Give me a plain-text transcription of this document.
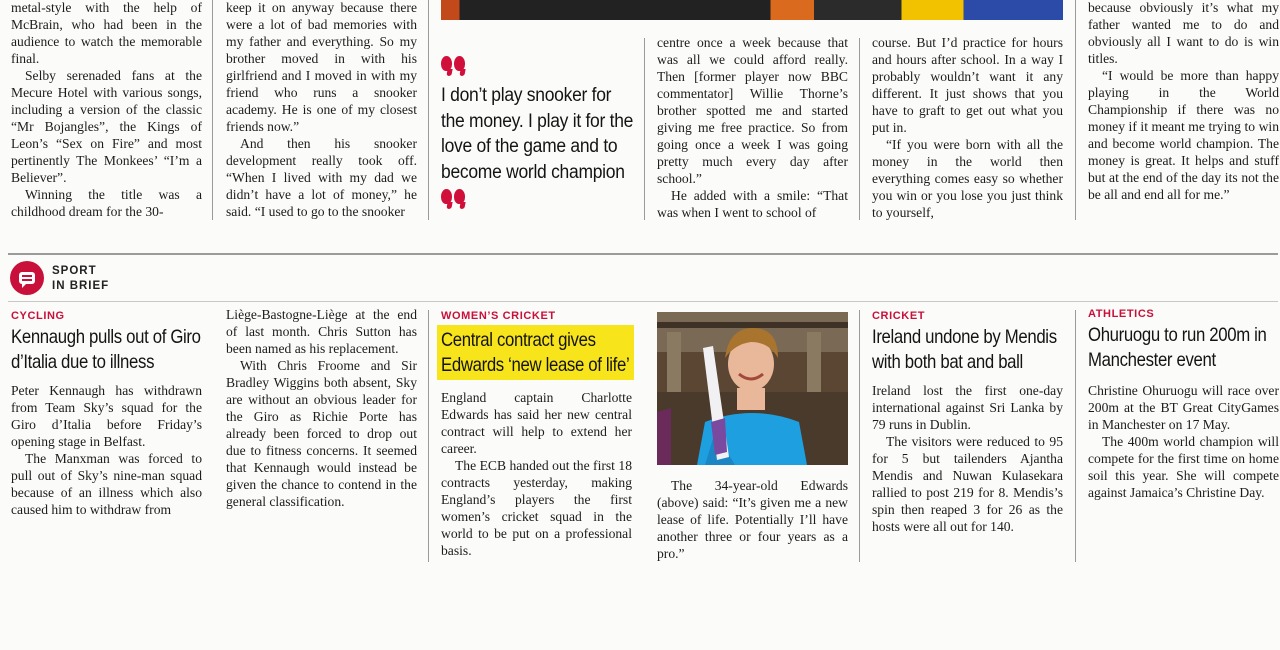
metal-style with the help of McBrain, who had been in the audience to watch the memorable final.

Selby serenaded fans at the Mecure Hotel with various songs, including a version of the classic “Mr Bojangles”, the Kings of Leon’s “Sex on Fire” and most pertinently The Monkees’ “I’m a Believer”.

Winning the title was a childhood dream for the 30-

keep it on anyway because there were a lot of bad memories with my father and everything. So my brother moved in with his girlfriend and I moved in with my friend who runs a snooker academy. He is one of my closest friends now.”

And then his snooker development really took off. “When I lived with my dad we didn’t have a lot of money,” he said. “I used to go to the snooker

I don’t play snooker for the money. I play it for the love of the game and to become world champion

centre once a week because that was all we could afford really. Then [former player now BBC commentator] Willie Thorne’s brother spotted me and started giving me free practice. So from going once a week I was going pretty much every day after school.”

He added with a smile: “That was when I went to school of

course. But I’d practice for hours and hours after school. In a way I probably wouldn’t want it any different. It just shows that you have to graft to get out what you put in.

“If you were born with all the money in the world then everything comes easy so whether you win or you lose you just think to yourself,

because obviously it’s what my father wanted me to do and obviously all I want to do is win titles.

“I would be more than happy playing in the World Championship if there was no money if it meant me trying to win and become world champion. The money is great. It helps and stuff but at the end of the day its not the be all and end all for me.”

SPORT
IN BRIEF
CYCLING
Kennaugh pulls out of Giro d’Italia due to illness

Peter Kennaugh has withdrawn from Team Sky’s squad for the Giro d’Italia before Friday’s opening stage in Belfast.

The Manxman was forced to pull out of Sky’s nine-man squad because of an illness which also caused him to withdraw from

Liège-Bastogne-Liège at the end of last month. Chris Sutton has been named as his replacement.

With Chris Froome and Sir Bradley Wiggins both absent, Sky are without an obvious leader for the Giro as Richie Porte has already been forced to drop out due to fitness concerns. It seemed that Kennaugh would instead be given the chance to contend in the general classification.

WOMEN’S CRICKET
Central contract gives
Edwards ‘new lease of life’

England captain Charlotte Edwards has said her new central contract will help to extend her career.

The ECB handed out the first 18 contracts yesterday, making England’s players the first women’s cricket squad in the world to be put on a professional basis.

The 34-year-old Edwards (above) said: “It’s given me a new lease of life. Potentially I’ll have another three or four years as a pro.”

CRICKET
Ireland undone by Mendis with both bat and ball

Ireland lost the first one-day international against Sri Lanka by 79 runs in Dublin.

The visitors were reduced to 95 for 5 but tailenders Ajantha Mendis and Nuwan Kulasekara rallied to post 219 for 8. Mendis’s spin then reaped 3 for 26 as the hosts were all out for 140.

ATHLETICS
Ohuruogu to run 200m in Manchester event

Christine Ohuruogu will race over 200m at the BT Great CityGames in Manchester on 17 May.

The 400m world champion will compete for the first time on home soil this year. She will compete against Jamaica’s Christine Day.
